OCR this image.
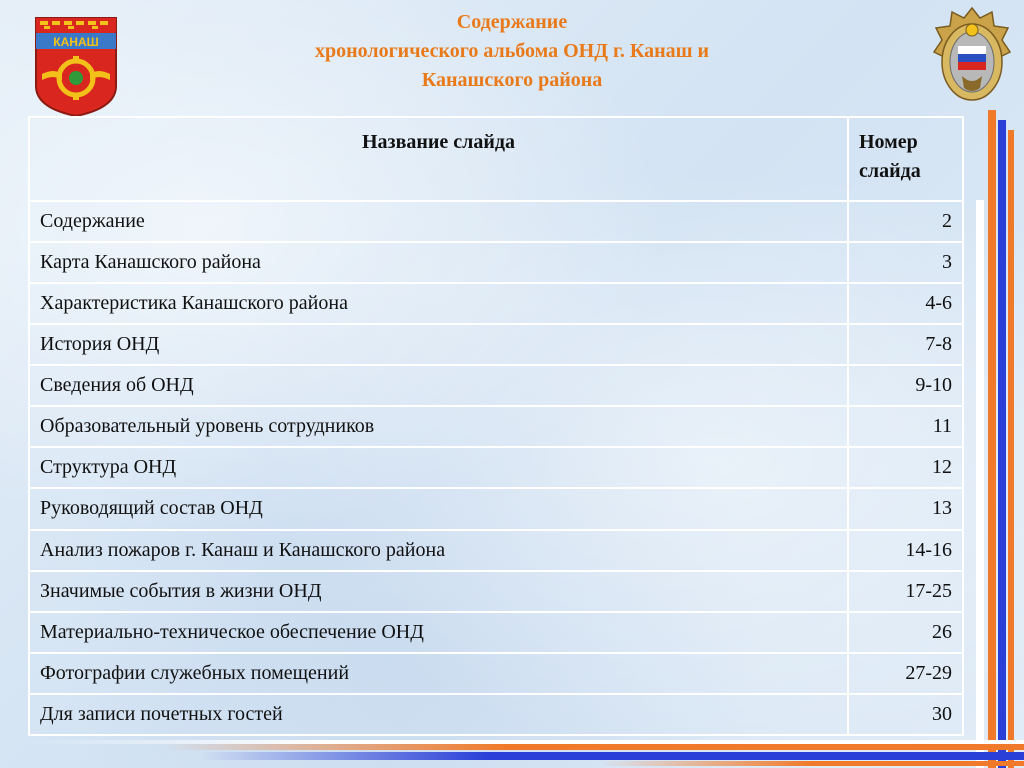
Содержание
хронологического альбома ОНД г. Канаш и
Канашского района
КАНАШ
Название слайда	Номер
слайда
Содержание	2
Карта Канашского района	3
Характеристика Канашского района	4-6
История ОНД	7-8
Сведения об ОНД	9-10
Образовательный уровень сотрудников	11
Структура ОНД	12
Руководящий состав ОНД	13
Анализ пожаров г. Канаш и Канашского района	14-16
Значимые события в жизни ОНД	17-25
Материально-техническое обеспечение ОНД	26
Фотографии служебных помещений	27-29
Для записи почетных гостей	30
